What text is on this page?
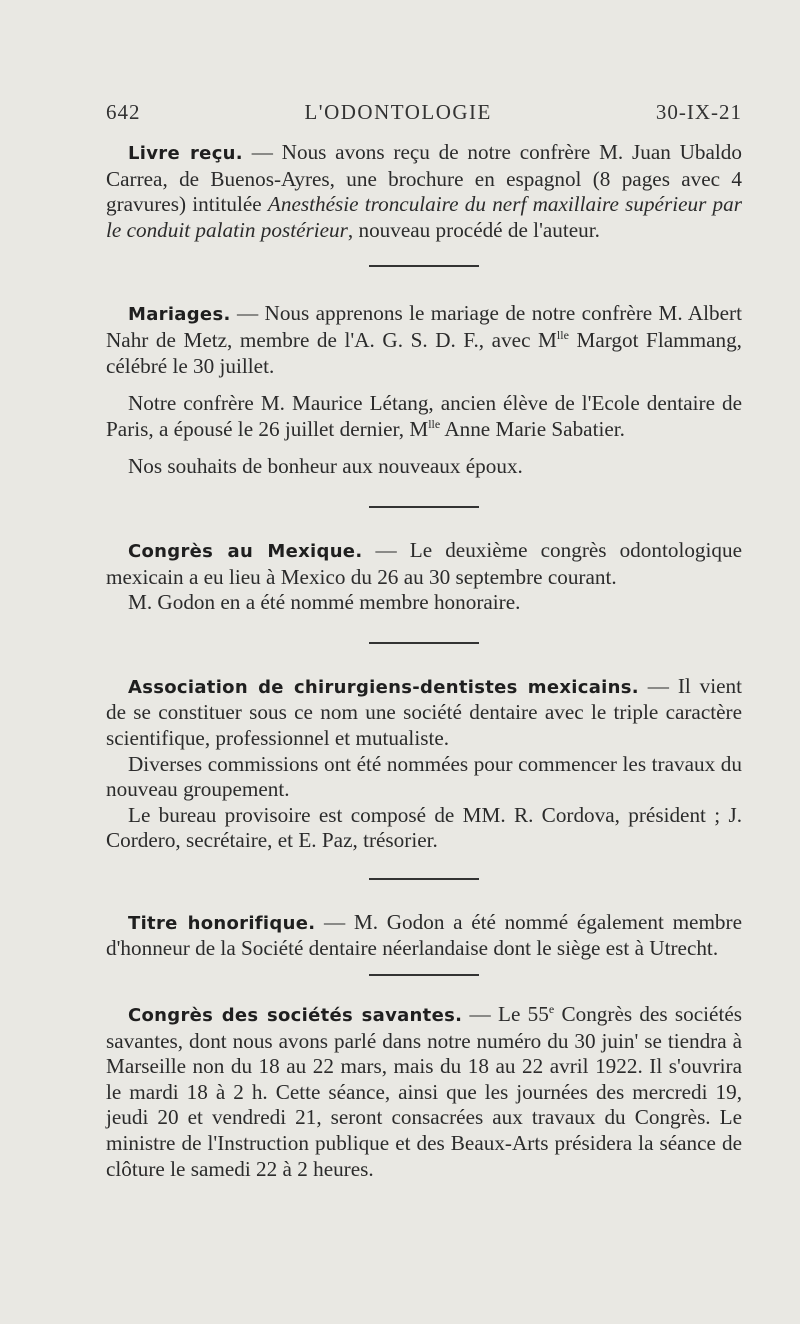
642	L'ODONTOLOGIE	30-IX-21

Livre reçu. — Nous avons reçu de notre confrère M. Juan Ubaldo Carrea, de Buenos-Ayres, une brochure en espagnol (8 pages avec 4 gravures) intitulée Anesthésie tronculaire du nerf maxillaire supérieur par le conduit palatin postérieur, nouveau procédé de l'auteur.

Mariages. — Nous apprenons le mariage de notre confrère M. Albert Nahr de Metz, membre de l'A. G. S. D. F., avec $M^{lle}$ Margot Flammang, célébré le 30 juillet.

Notre confrère M. Maurice Létang, ancien élève de l'Ecole dentaire de Paris, a épousé le 26 juillet dernier, $M^{lle}$ Anne Marie Sabatier.

Nos souhaits de bonheur aux nouveaux époux.

Congrès au Mexique. — Le deuxième congrès odontologique mexicain a eu lieu à Mexico du 26 au 30 septembre courant.

M. Godon en a été nommé membre honoraire.

Association de chirurgiens-dentistes mexicains. — Il vient de se constituer sous ce nom une société dentaire avec le triple caractère scientifique, professionnel et mutualiste.

Diverses commissions ont été nommées pour commencer les travaux du nouveau groupement.

Le bureau provisoire est composé de MM. R. Cordova, président ; J. Cordero, secrétaire, et E. Paz, trésorier.

Titre honorifique. — M. Godon a été nommé également membre d'honneur de la Société dentaire néerlandaise dont le siège est à Utrecht.

Congrès des sociétés savantes. — Le 55e Congrès des sociétés savantes, dont nous avons parlé dans notre numéro du 30 juin' se tiendra à Marseille non du 18 au 22 mars, mais du 18 au 22 avril 1922. Il s'ouvrira le mardi 18 à 2 h. Cette séance, ainsi que les journées des mercredi 19, jeudi 20 et vendredi 21, seront consacrées aux travaux du Congrès. Le ministre de l'Instruction publique et des Beaux-Arts présidera la séance de clôture le samedi 22 à 2 heures.
